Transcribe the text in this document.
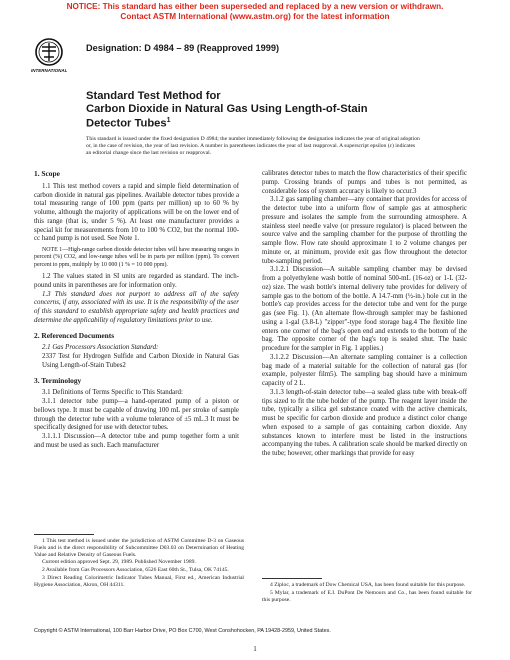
NOTICE: This standard has either been superseded and replaced by a new version or withdrawn.
Contact ASTM International (www.astm.org) for the latest information
INTERNATIONAL
Designation: D 4984 – 89 (Reapproved 1999)
Standard Test Method for
Carbon Dioxide in Natural Gas Using Length-of-Stain
Detector Tubes$^1$
This standard is issued under the fixed designation D 4984; the number immediately following the designation indicates the year of original adoption or, in the case of revision, the year of last revision. A number in parentheses indicates the year of last reapproval. A superscript epsilon (ε) indicates an editorial change since the last revision or reapproval.

1. Scope

1.1 This test method covers a rapid and simple field determination of carbon dioxide in natural gas pipelines. Available detector tubes provide a total measuring range of 100 ppm (parts per million) up to 60 % by volume, although the majority of applications will be on the lower end of this range (that is, under 5 %). At least one manufacturer provides a special kit for measurements from 10 to 100 % CO2, but the normal 100-cc hand pump is not used. See Note 1.

NOTE 1—High-range carbon dioxide detector tubes will have measuring ranges in percent (%) CO2, and low-range tubes will be in parts per million (ppm). To convert percent to ppm, multiply by 10 000 (1 % = 10 000 ppm).

1.2 The values stated in SI units are regarded as standard. The inch-pound units in parentheses are for information only.

1.3 This standard does not purport to address all of the safety concerns, if any, associated with its use. It is the responsibility of the user of this standard to establish appropriate safety and health practices and determine the applicability of regulatory limitations prior to use.

2. Referenced Documents

2.1 Gas Processors Association Standard:

2337 Test for Hydrogen Sulfide and Carbon Dioxide in Natural Gas Using Length-of-Stain Tubes2

3. Terminology

3.1 Definitions of Terms Specific to This Standard:

3.1.1 detector tube pump—a hand-operated pump of a piston or bellows type. It must be capable of drawing 100 mL per stroke of sample through the detector tube with a volume tolerance of ±5 mL.3 It must be specifically designed for use with detector tubes.

3.1.1.1 Discussion—A detector tube and pump together form a unit and must be used as such. Each manufacturer

1 This test method is issued under the jurisdiction of ASTM Committee D-3 on Gaseous Fuels and is the direct responsibility of Subcommittee D03.03 on Determination of Heating Value and Relative Density of Gaseous Fuels.

Current edition approved Sept. 29, 1989. Published November 1989.

2 Available from Gas Processors Association, 6526 East 60th St., Tulsa, OK 74145.

3 Direct Reading Colorimetric Indicator Tubes Manual, First ed., American Industrial Hygiene Association, Akron, OH 44311.

calibrates detector tubes to match the flow characteristics of their specific pump. Crossing brands of pumps and tubes is not permitted, as considerable loss of system accuracy is likely to occur.3

3.1.2 gas sampling chamber—any container that provides for access of the detector tube into a uniform flow of sample gas at atmospheric pressure and isolates the sample from the surrounding atmosphere. A stainless steel needle valve (or pressure regulator) is placed between the source valve and the sampling chamber for the purpose of throttling the sample flow. Flow rate should approximate 1 to 2 volume changes per minute or, at minimum, provide exit gas flow throughout the detector tube-sampling period.

3.1.2.1 Discussion—A suitable sampling chamber may be devised from a polyethylene wash bottle of nominal 500-mL (16-oz) or 1-L (32-oz) size. The wash bottle's internal delivery tube provides for delivery of sample gas to the bottom of the bottle. A 14.7-mm (½-in.) hole cut in the bottle's cap provides access for the detector tube and vent for the purge gas (see Fig. 1). (An alternate flow-through sampler may be fashioned using a 1-gal (3.8-L) "zipper"-type food storage bag.4 The flexible line enters one corner of the bag's open end and extends to the bottom of the bag. The opposite corner of the bag's top is sealed shut. The basic procedure for the sampler in Fig. 1 applies.)

3.1.2.2 Discussion—An alternate sampling container is a collection bag made of a material suitable for the collection of natural gas (for example, polyester film5). The sampling bag should have a minimum capacity of 2 L.

3.1.3 length-of-stain detector tube—a sealed glass tube with break-off tips sized to fit the tube holder of the pump. The reagent layer inside the tube, typically a silica gel substance coated with the active chemicals, must be specific for carbon dioxide and produce a distinct color change when exposed to a sample of gas containing carbon dioxide. Any substances known to interfere must be listed in the instructions accompanying the tubes. A calibration scale should be marked directly on the tube; however, other markings that provide for easy

4 Ziploc, a trademark of Dow Chemical USA, has been found suitable for this purpose.

5 Mylar, a trademark of E.I. DuPont De Nemours and Co., has been found suitable for this purpose.

Copyright © ASTM International, 100 Barr Harbor Drive, PO Box C700, West Conshohocken, PA 19428-2959, United States.
1
